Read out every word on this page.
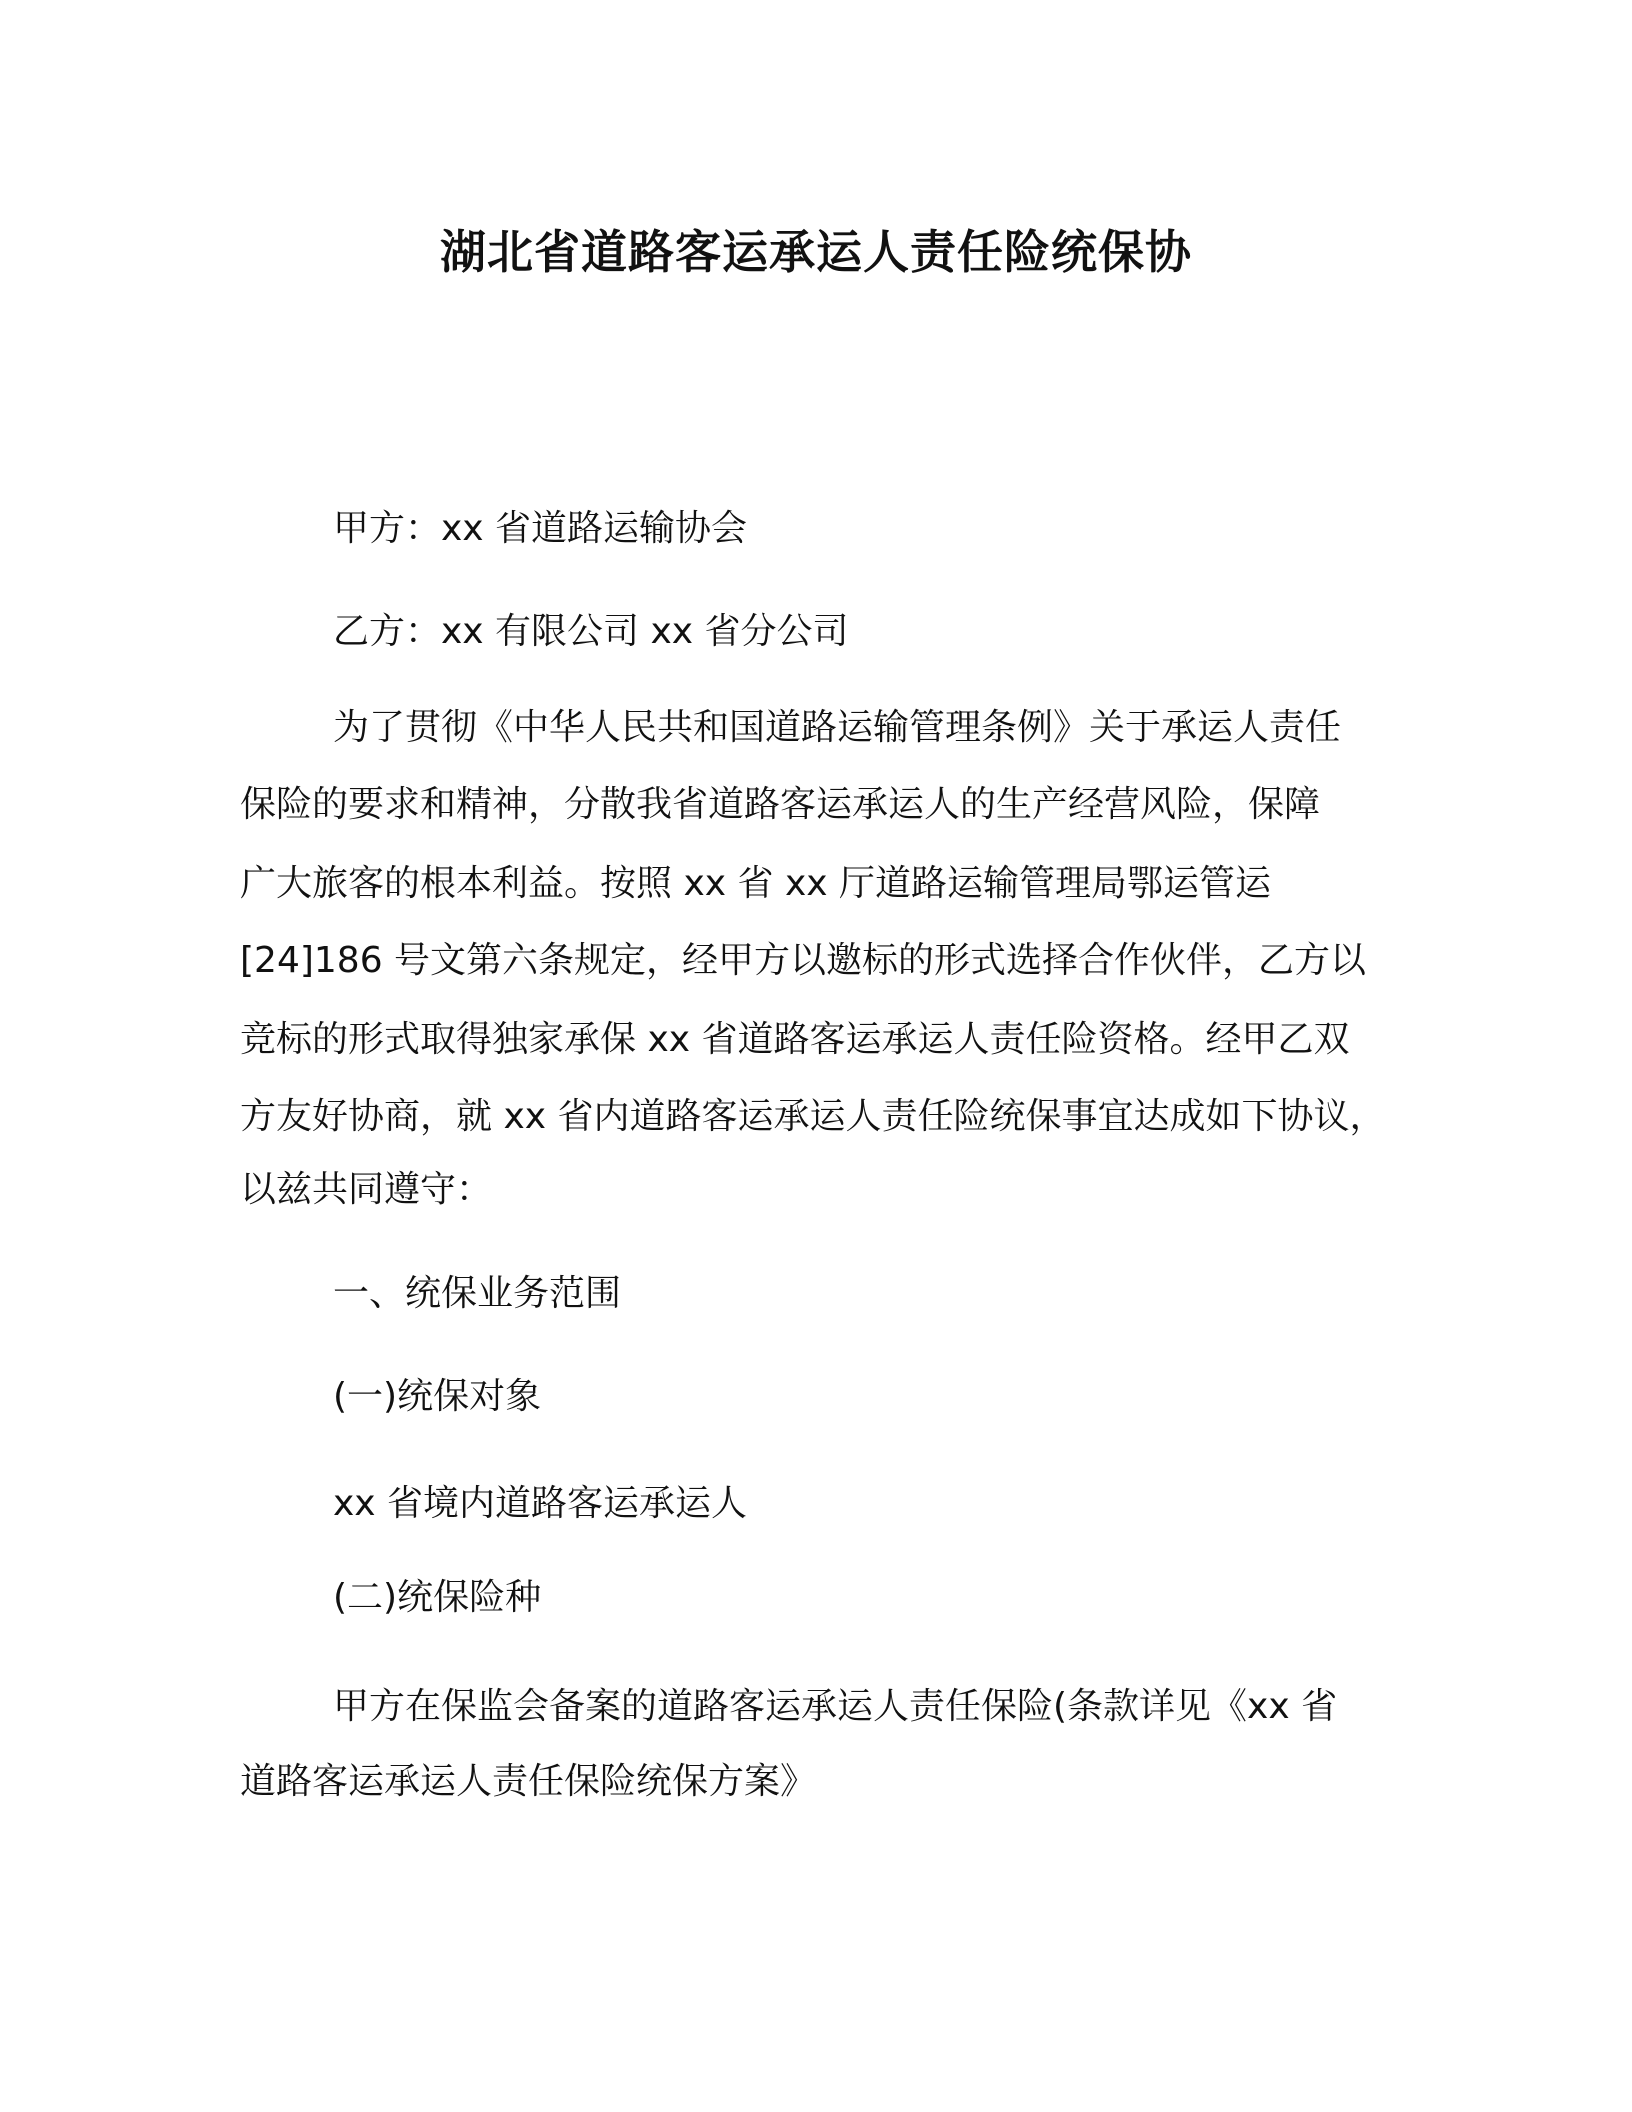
湖北省道路客运承运人责任险统保协
甲方：xx 省道路运输协会
乙方：xx 有限公司 xx 省分公司
为了贯彻《中华人民共和国道路运输管理条例》关于承运人责任
保险的要求和精神，分散我省道路客运承运人的生产经营风险，保障
广大旅客的根本利益。按照 xx 省 xx 厅道路运输管理局鄂运管运
[24]186 号文第六条规定，经甲方以邀标的形式选择合作伙伴，乙方以
竞标的形式取得独家承保 xx 省道路客运承运人责任险资格。经甲乙双
方友好协商，就 xx 省内道路客运承运人责任险统保事宜达成如下协议，
以兹共同遵守：
一、统保业务范围
(一)统保对象
xx 省境内道路客运承运人
(二)统保险种
甲方在保监会备案的道路客运承运人责任保险(条款详见《xx 省
道路客运承运人责任保险统保方案》
